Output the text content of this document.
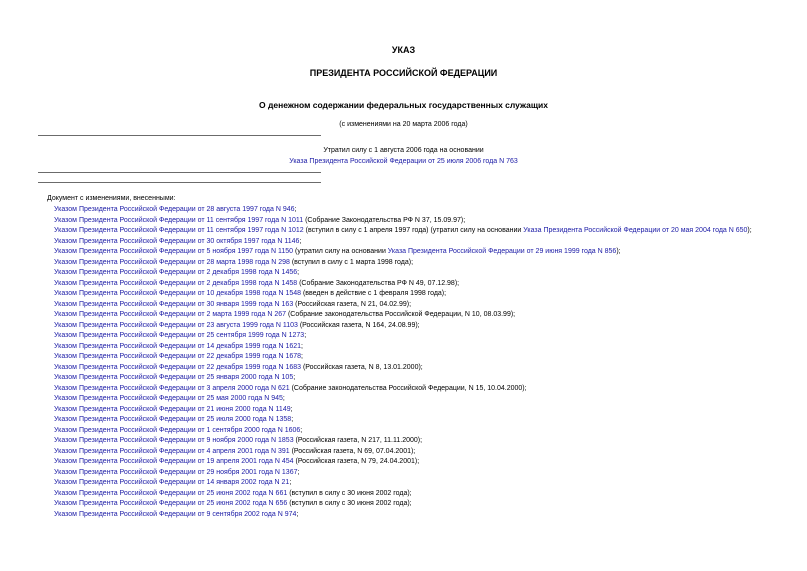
УКАЗ
ПРЕЗИДЕНТА РОССИЙСКОЙ ФЕДЕРАЦИИ
О денежном содержании федеральных государственных служащих
(с изменениями на 20 марта 2006 года)
Утратил силу с 1 августа 2006 года на основании
Указа Президента Российской Федерации от 25 июля 2006 года N 763
Документ с изменениями, внесенными:
Указом Президента Российской Федерации от 28 августа 1997 года N 946;
Указом Президента Российской Федерации от 11 сентября 1997 года N 1011 (Собрание Законодательства РФ N 37, 15.09.97);
Указом Президента Российской Федерации от 11 сентября 1997 года N 1012 (вступил в силу с 1 апреля 1997 года) (утратил силу на основании Указа Президента Российской Федерации от 20 мая 2004 года N 650);
Указом Президента Российской Федерации от 30 октября 1997 года N 1146;
Указом Президента Российской Федерации от 5 ноября 1997 года N 1150 (утратил силу на основании Указа Президента Российской Федерации от 29 июня 1999 года N 856);
Указом Президента Российской Федерации от 28 марта 1998 года N 298 (вступил в силу с 1 марта 1998 года);
Указом Президента Российской Федерации от 2 декабря 1998 года N 1456;
Указом Президента Российской Федерации от 2 декабря 1998 года N 1458 (Собрание Законодательства РФ N 49, 07.12.98);
Указом Президента Российской Федерации от 10 декабря 1998 года N 1548 (введен в действие с 1 февраля 1998 года);
Указом Президента Российской Федерации от 30 января 1999 года N 163 (Российская газета, N 21, 04.02.99);
Указом Президента Российской Федерации от 2 марта 1999 года N 267 (Собрание законодательства Российской Федерации, N 10, 08.03.99);
Указом Президента Российской Федерации от 23 августа 1999 года N 1103 (Российская газета, N 164, 24.08.99);
Указом Президента Российской Федерации от 25 сентября 1999 года N 1273;
Указом Президента Российской Федерации от 14 декабря 1999 года N 1621;
Указом Президента Российской Федерации от 22 декабря 1999 года N 1678;
Указом Президента Российской Федерации от 22 декабря 1999 года N 1683 (Российская газета, N 8, 13.01.2000);
Указом Президента Российской Федерации от 25 января 2000 года N 105;
Указом Президента Российской Федерации от 3 апреля 2000 года N 621 (Собрание законодательства Российской Федерации, N 15, 10.04.2000);
Указом Президента Российской Федерации от 25 мая 2000 года N 945;
Указом Президента Российской Федерации от 21 июня 2000 года N 1149;
Указом Президента Российской Федерации от 25 июля 2000 года N 1358;
Указом Президента Российской Федерации от 1 сентября 2000 года N 1606;
Указом Президента Российской Федерации от 9 ноября 2000 года N 1853 (Российская газета, N 217, 11.11.2000);
Указом Президента Российской Федерации от 4 апреля 2001 года N 391 (Российская газета, N 69, 07.04.2001);
Указом Президента Российской Федерации от 19 апреля 2001 года N 454 (Российская газета, N 79, 24.04.2001);
Указом Президента Российской Федерации от 29 ноября 2001 года N 1367;
Указом Президента Российской Федерации от 14 января 2002 года N 21;
Указом Президента Российской Федерации от 25 июня 2002 года N 661 (вступил в силу с 30 июня 2002 года);
Указом Президента Российской Федерации от 25 июня 2002 года N 656 (вступил в силу с 30 июня 2002 года);
Указом Президента Российской Федерации от 9 сентября 2002 года N 974;
